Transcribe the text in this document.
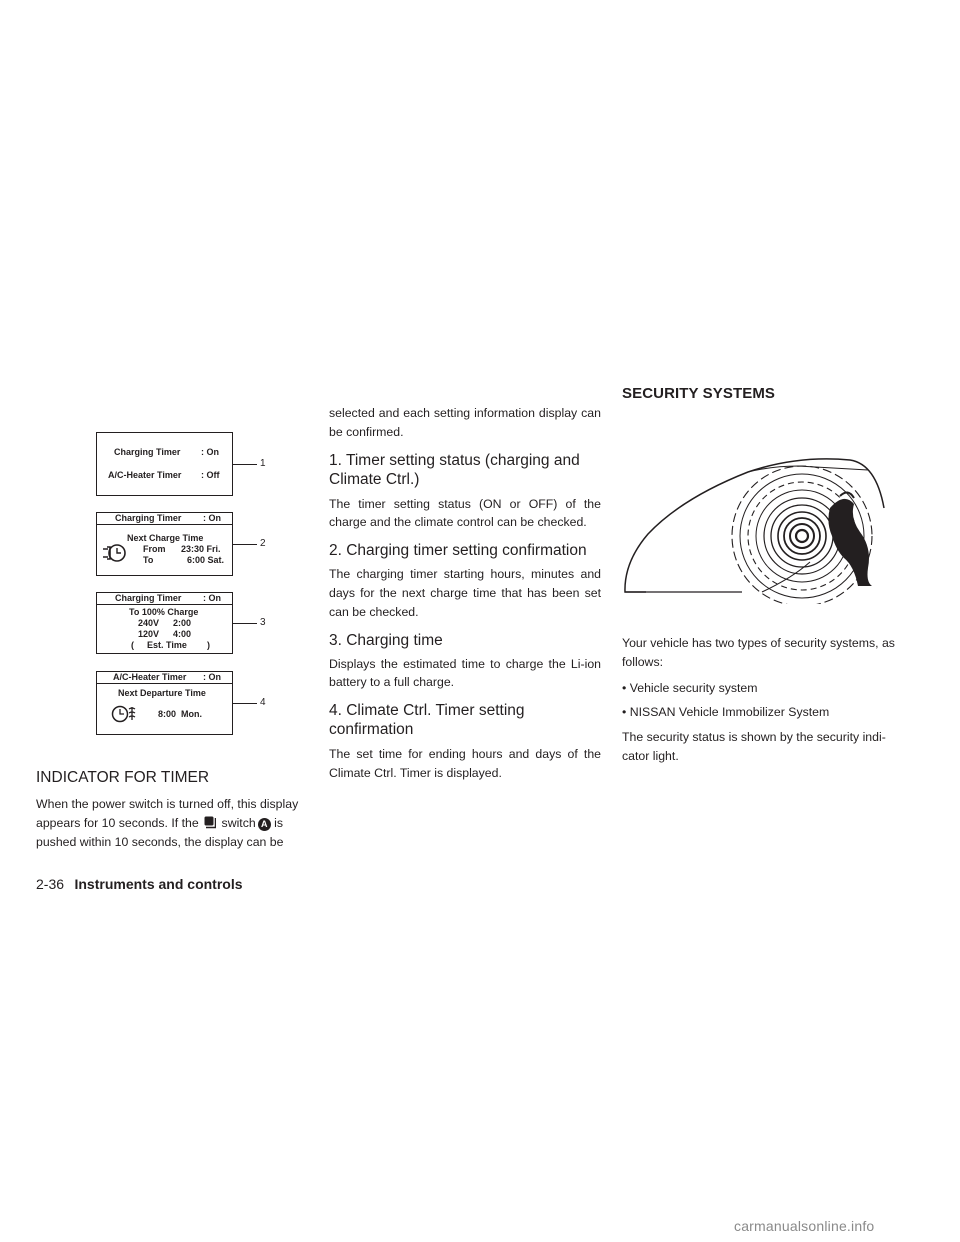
Charging Timer : On
A/C-Heater Timer : Off
1
Charging Timer : On
Next Charge Time
From 23:30 Fri.
To	6:00 Sat.
2
Charging Timer : On
To 100% Charge
240V 2:00
120V 4:00
( Est. Time )
3
A/C-Heater Timer : On
Next Departure Time
8:00  Mon.
4
INDICATOR FOR TIMER

When the power switch is turned off, this display appears for 10 seconds. If the switch A is pushed within 10 seconds, the display can be

selected and each setting information display can be confirmed.

1. Timer setting status (charging and Climate Ctrl.)

The timer setting status (ON or OFF) of the charge and the climate control can be checked.

2. Charging timer setting confirmation

The charging timer starting hours, minutes and days for the next charge time that has been set can be checked.

3. Charging time

Displays the estimated time to charge the Li-ion battery to a full charge.

4. Climate Ctrl. Timer setting confirmation

The set time for ending hours and days of the Climate Ctrl. Timer is displayed.

SECURITY SYSTEMS

Your vehicle has two types of security systems, as follows:

• Vehicle security system

• NISSAN Vehicle Immobilizer System

The security status is shown by the security indi- cator light.

2-36 Instruments and controls
carmanualsonline.info
